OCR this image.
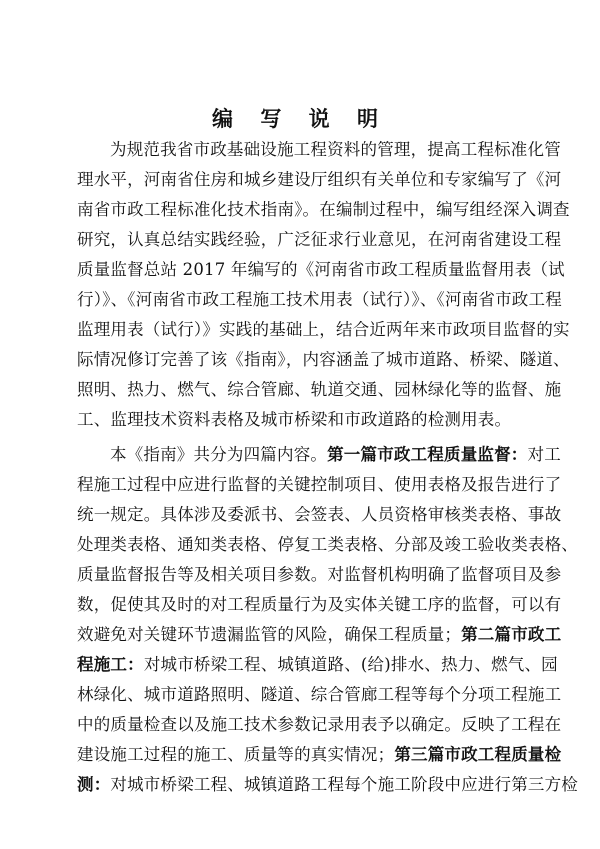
编 写 说 明
为规范我省市政基础设施工程资料的管理，提高工程标准化管
理水平，河南省住房和城乡建设厅组织有关单位和专家编写了《河
南省市政工程标准化技术指南》。在编制过程中，编写组经深入调查
研究，认真总结实践经验，广泛征求行业意见，在河南省建设工程
质量监督总站 2017 年编写的《河南省市政工程质量监督用表（试
行）》、《河南省市政工程施工技术用表（试行）》、《河南省市政工程
监理用表（试行）》实践的基础上，结合近两年来市政项目监督的实
际情况修订完善了该《指南》，内容涵盖了城市道路、桥梁、隧道、
照明、热力、燃气、综合管廊、轨道交通、园林绿化等的监督、施
工、监理技术资料表格及城市桥梁和市政道路的检测用表。
本《指南》共分为四篇内容。第一篇市政工程质量监督：对工
程施工过程中应进行监督的关键控制项目、使用表格及报告进行了
统一规定。具体涉及委派书、会签表、人员资格审核类表格、事故
处理类表格、通知类表格、停复工类表格、分部及竣工验收类表格、
质量监督报告等及相关项目参数。对监督机构明确了监督项目及参
数，促使其及时的对工程质量行为及实体关键工序的监督，可以有
效避免对关键环节遗漏监管的风险，确保工程质量；第二篇市政工
程施工：对城市桥梁工程、城镇道路、(给)排水、热力、燃气、园
林绿化、城市道路照明、隧道、综合管廊工程等每个分项工程施工
中的质量检查以及施工技术参数记录用表予以确定。反映了工程在
建设施工过程的施工、质量等的真实情况；第三篇市政工程质量检
测：对城市桥梁工程、城镇道路工程每个施工阶段中应进行第三方检
